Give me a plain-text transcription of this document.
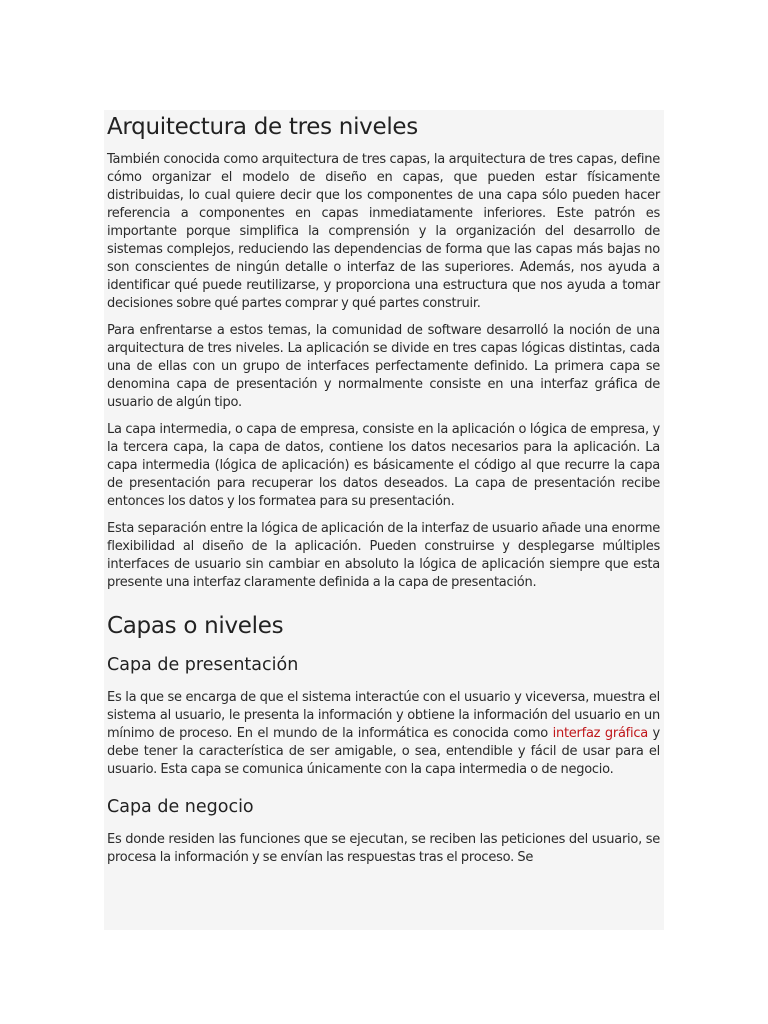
Arquitectura de tres niveles

También conocida como arquitectura de tres capas, la arquitectura de tres capas, define cómo organizar el modelo de diseño en capas, que pueden estar físicamente distribuidas, lo cual quiere decir que los componentes de una capa sólo pueden hacer referencia a componentes en capas inmediatamente inferiores. Este patrón es importante porque simplifica la comprensión y la organización del desarrollo de sistemas complejos, reduciendo las dependencias de forma que las capas más bajas no son conscientes de ningún detalle o interfaz de las superiores. Además, nos ayuda a identificar qué puede reutilizarse, y proporciona una estructura que nos ayuda a tomar decisiones sobre qué partes comprar y qué partes construir.

Para enfrentarse a estos temas, la comunidad de software desarrolló la noción de una arquitectura de tres niveles. La aplicación se divide en tres capas lógicas distintas, cada una de ellas con un grupo de interfaces perfectamente definido. La primera capa se denomina capa de presentación y normalmente consiste en una interfaz gráfica de usuario de algún tipo.

La capa intermedia, o capa de empresa, consiste en la aplicación o lógica de empresa, y la tercera capa, la capa de datos, contiene los datos necesarios para la aplicación. La capa intermedia (lógica de aplicación) es básicamente el código al que recurre la capa de presentación para recuperar los datos deseados. La capa de presentación recibe entonces los datos y los formatea para su presentación.

Esta separación entre la lógica de aplicación de la interfaz de usuario añade una enorme flexibilidad al diseño de la aplicación. Pueden construirse y desplegarse múltiples interfaces de usuario sin cambiar en absoluto la lógica de aplicación siempre que esta presente una interfaz claramente definida a la capa de presentación.

Capas o niveles
Capa de presentación

Es la que se encarga de que el sistema interactúe con el usuario y viceversa, muestra el sistema al usuario, le presenta la información y obtiene la información del usuario en un mínimo de proceso. En el mundo de la informática es conocida como interfaz gráfica y debe tener la característica de ser amigable, o sea, entendible y fácil de usar para el usuario. Esta capa se comunica únicamente con la capa intermedia o de negocio.

Capa de negocio

Es donde residen las funciones que se ejecutan, se reciben las peticiones del usuario, se procesa la información y se envían las respuestas tras el proceso. Se
